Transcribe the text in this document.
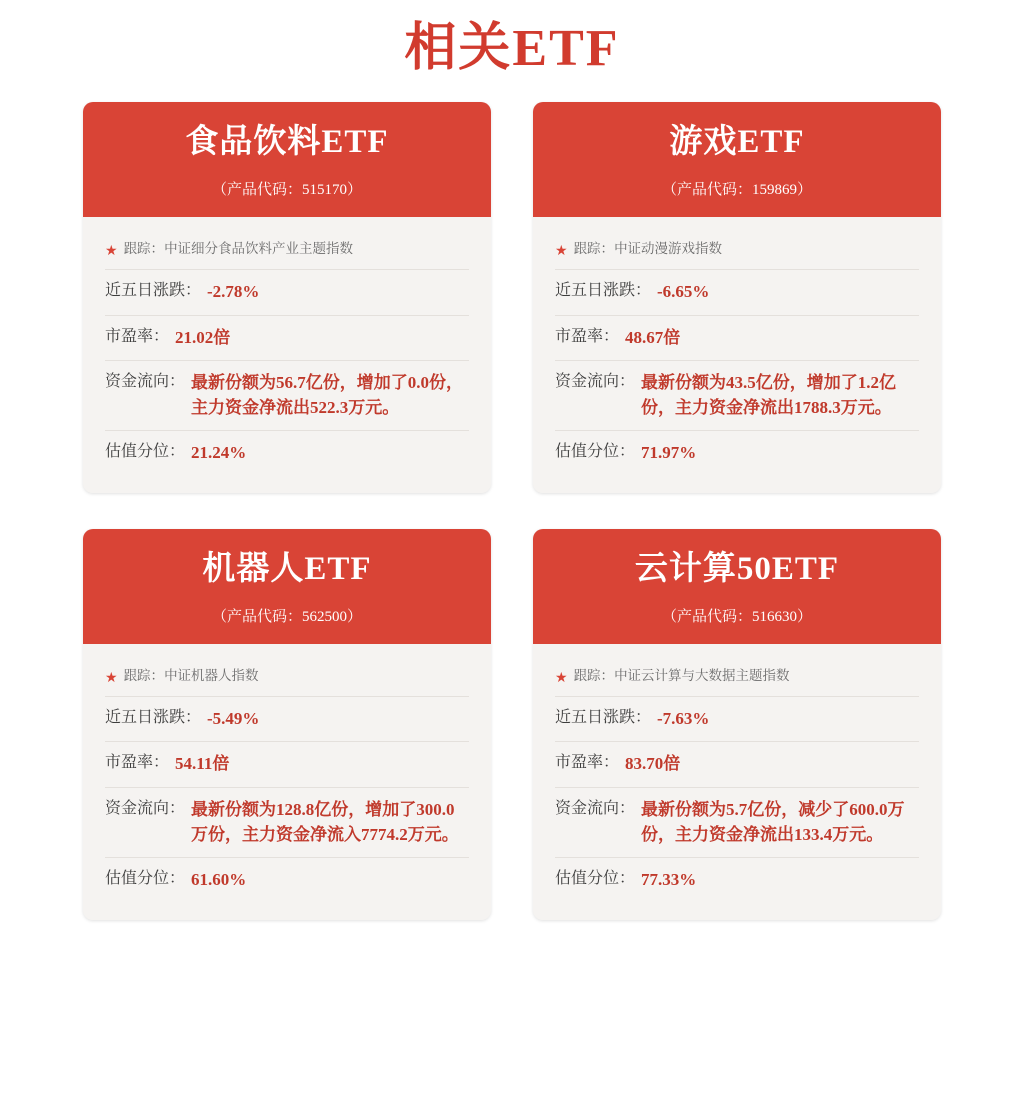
相关ETF
食品饮料ETF
（产品代码：515170）
★ 跟踪： 中证细分食品饮料产业主题指数
近五日涨跌： -2.78%
市盈率： 21.02倍
资金流向： 最新份额为56.7亿份，增加了0.0份，主力资金净流出522.3万元。
估值分位： 21.24%
游戏ETF
（产品代码：159869）
★ 跟踪： 中证动漫游戏指数
近五日涨跌： -6.65%
市盈率： 48.67倍
资金流向： 最新份额为43.5亿份，增加了1.2亿份，主力资金净流出1788.3万元。
估值分位： 71.97%
机器人ETF
（产品代码：562500）
★ 跟踪： 中证机器人指数
近五日涨跌： -5.49%
市盈率： 54.11倍
资金流向： 最新份额为128.8亿份，增加了300.0万份，主力资金净流入7774.2万元。
估值分位： 61.60%
云计算50ETF
（产品代码：516630）
★ 跟踪： 中证云计算与大数据主题指数
近五日涨跌： -7.63%
市盈率： 83.70倍
资金流向： 最新份额为5.7亿份，减少了600.0万份，主力资金净流出133.4万元。
估值分位： 77.33%
